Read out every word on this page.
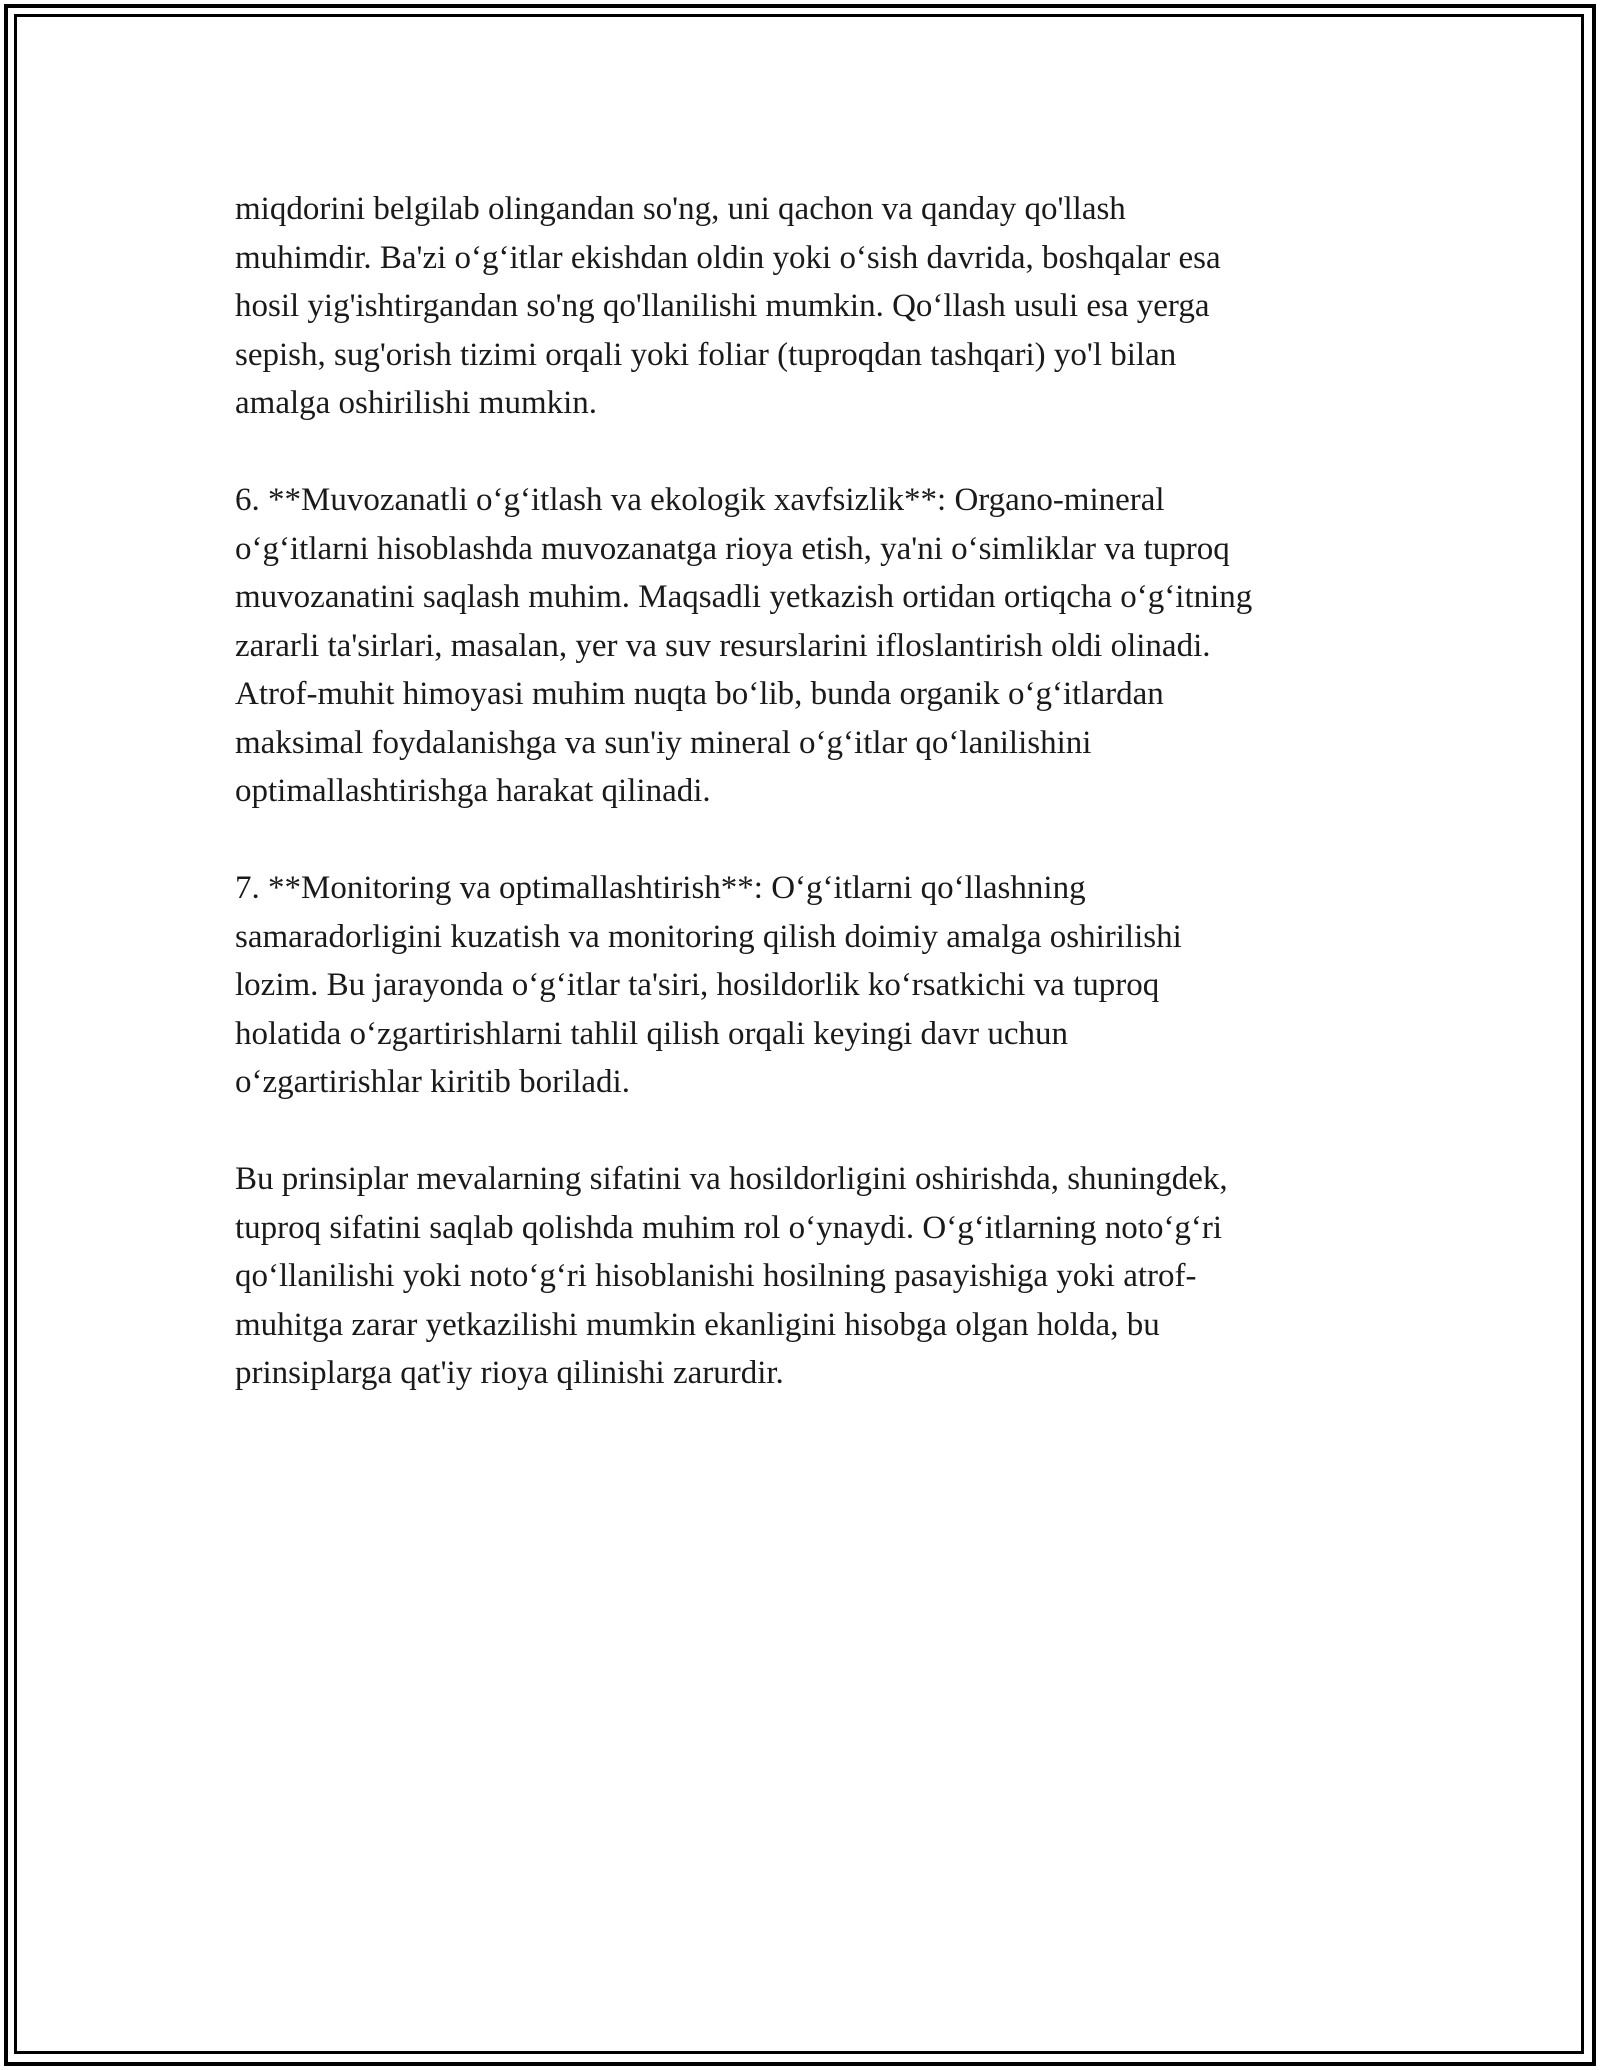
miqdorini belgilab olingandan so'ng, uni qachon va qanday qo'llash
muhimdir. Ba'zi o‘g‘itlar ekishdan oldin yoki o‘sish davrida, boshqalar esa
hosil yig'ishtirgandan so'ng qo'llanilishi mumkin. Qo‘llash usuli esa yerga
sepish, sug'orish tizimi orqali yoki foliar (tuproqdan tashqari) yo'l bilan
amalga oshirilishi mumkin.

6. **Muvozanatli o‘g‘itlash va ekologik xavfsizlik**: Organo-mineral
o‘g‘itlarni hisoblashda muvozanatga rioya etish, ya'ni o‘simliklar va tuproq
muvozanatini saqlash muhim. Maqsadli yetkazish ortidan ortiqcha o‘g‘itning
zararli ta'sirlari, masalan, yer va suv resurslarini ifloslantirish oldi olinadi.
Atrof-muhit himoyasi muhim nuqta bo‘lib, bunda organik o‘g‘itlardan
maksimal foydalanishga va sun'iy mineral o‘g‘itlar qo‘lanilishini
optimallashtirishga harakat qilinadi.

7. **Monitoring va optimallashtirish**: O‘g‘itlarni qo‘llashning
samaradorligini kuzatish va monitoring qilish doimiy amalga oshirilishi
lozim. Bu jarayonda o‘g‘itlar ta'siri, hosildorlik ko‘rsatkichi va tuproq
holatida o‘zgartirishlarni tahlil qilish orqali keyingi davr uchun
o‘zgartirishlar kiritib boriladi.

Bu prinsiplar mevalarning sifatini va hosildorligini oshirishda, shuningdek,
tuproq sifatini saqlab qolishda muhim rol o‘ynaydi. O‘g‘itlarning noto‘g‘ri
qo‘llanilishi yoki noto‘g‘ri hisoblanishi hosilning pasayishiga yoki atrof-
muhitga zarar yetkazilishi mumkin ekanligini hisobga olgan holda, bu
prinsiplarga qat'iy rioya qilinishi zarurdir.
